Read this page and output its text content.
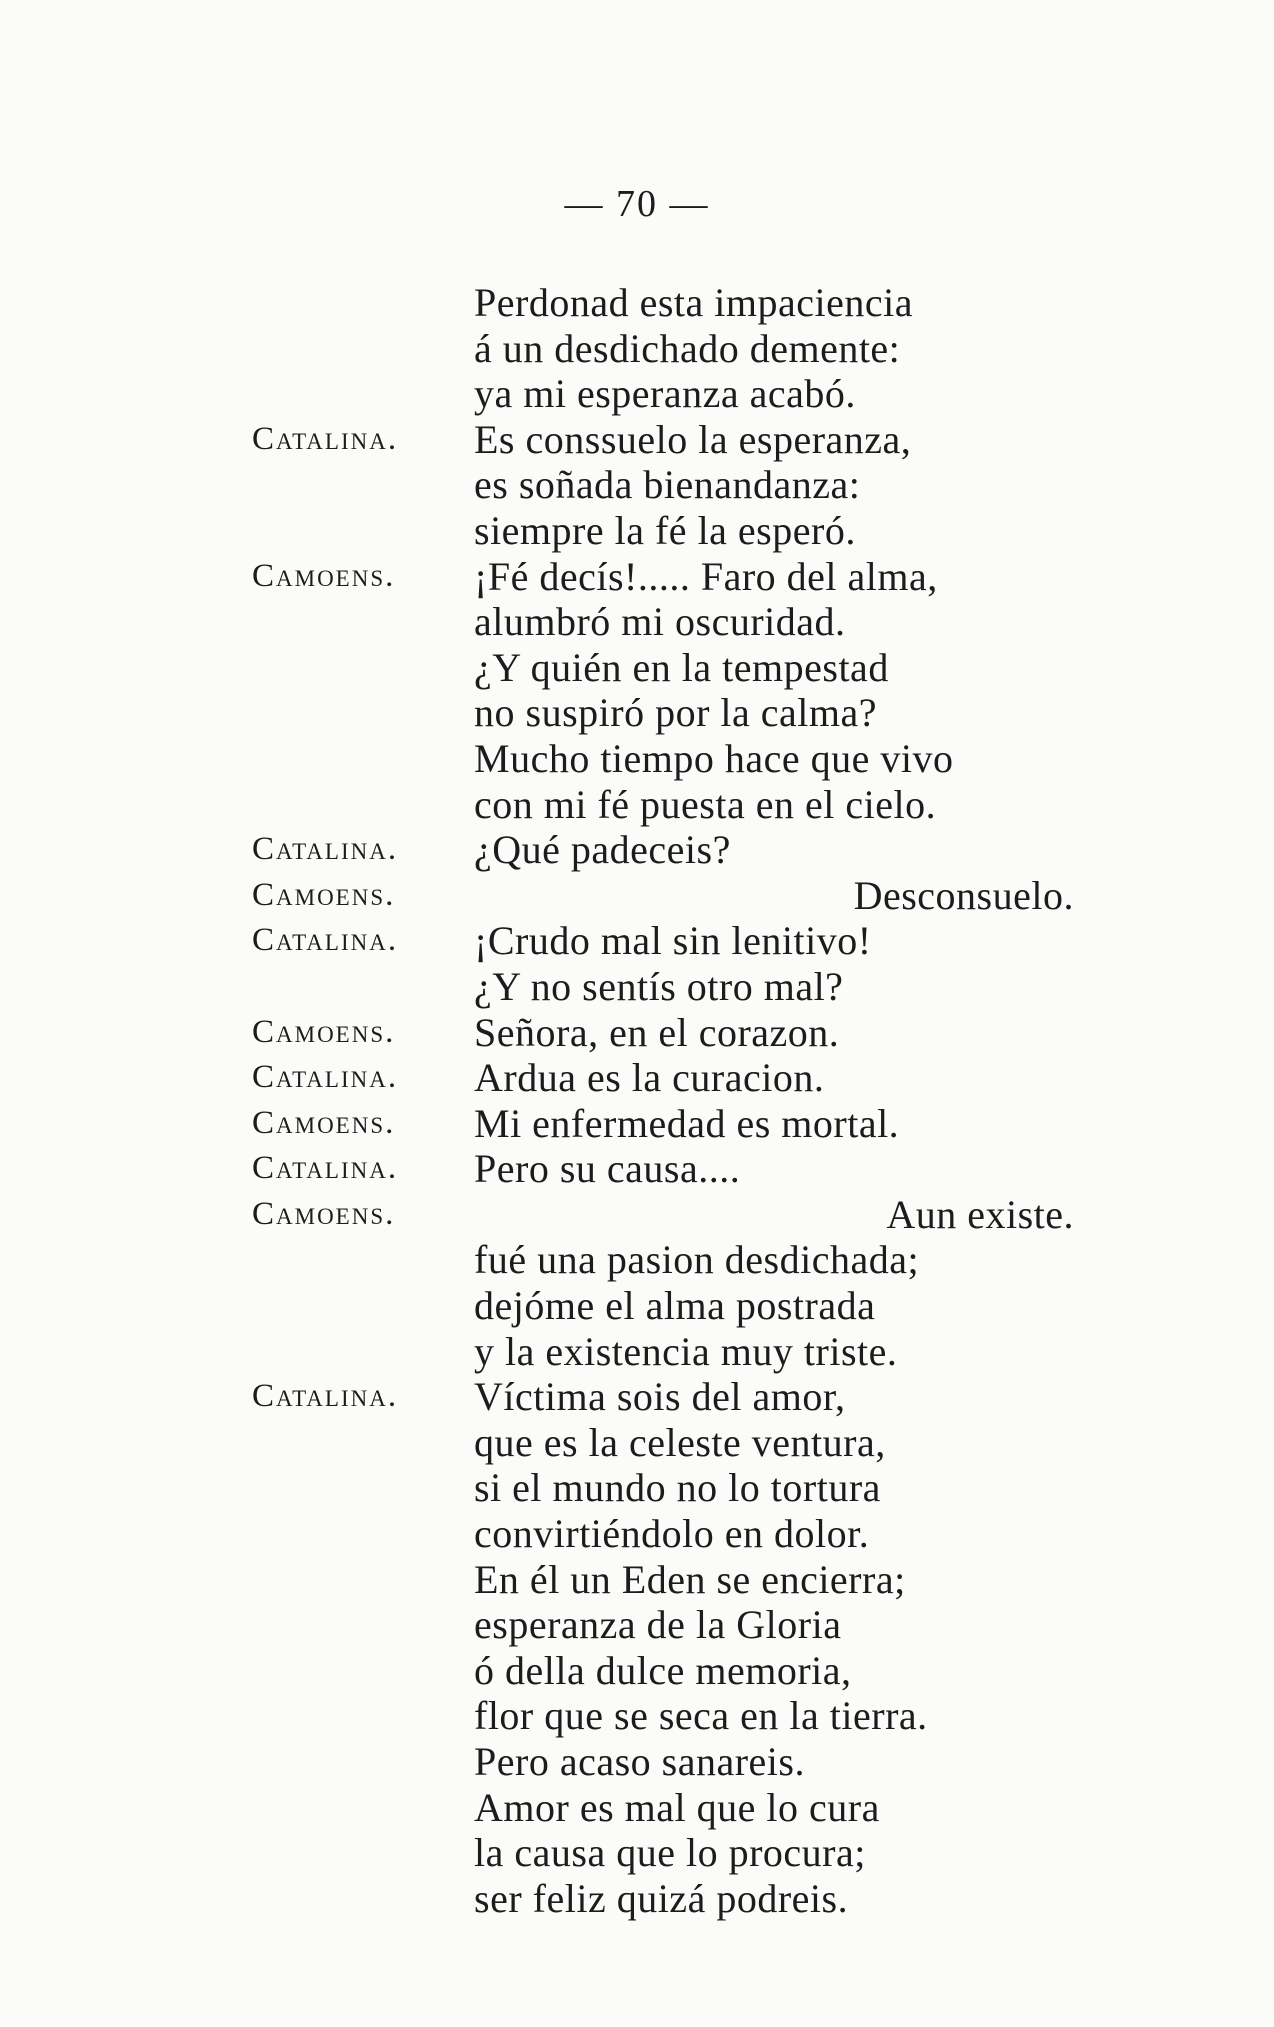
— 70 —
Perdonad esta impaciencia
á un desdichado demente:
ya mi esperanza acabó.
Catalina. Es conssuelo la esperanza,
es soñada bienandanza:
siempre la fé la esperó.
Camoens. ¡Fé decís!..... Faro del alma,
alumbró mi oscuridad.
¿Y quién en la tempestad
no suspiró por la calma?
Mucho tiempo hace que vivo
con mi fé puesta en el cielo.
Catalina. ¿Qué padeceis?
Camoens.	Desconsuelo.
Catalina. ¡Crudo mal sin lenitivo!
¿Y no sentís otro mal?
Camoens. Señora, en el corazon.
Catalina. Ardua es la curacion.
Camoens. Mi enfermedad es mortal.
Catalina. Pero su causa....
Camoens.	Aun existe.
fué una pasion desdichada;
dejóme el alma postrada
y la existencia muy triste.
Catalina. Víctima sois del amor,
que es la celeste ventura,
si el mundo no lo tortura
convirtiéndolo en dolor.
En él un Eden se encierra;
esperanza de la Gloria
ó della dulce memoria,
flor que se seca en la tierra.
Pero acaso sanareis.
Amor es mal que lo cura
la causa que lo procura;
ser feliz quizá podreis.
